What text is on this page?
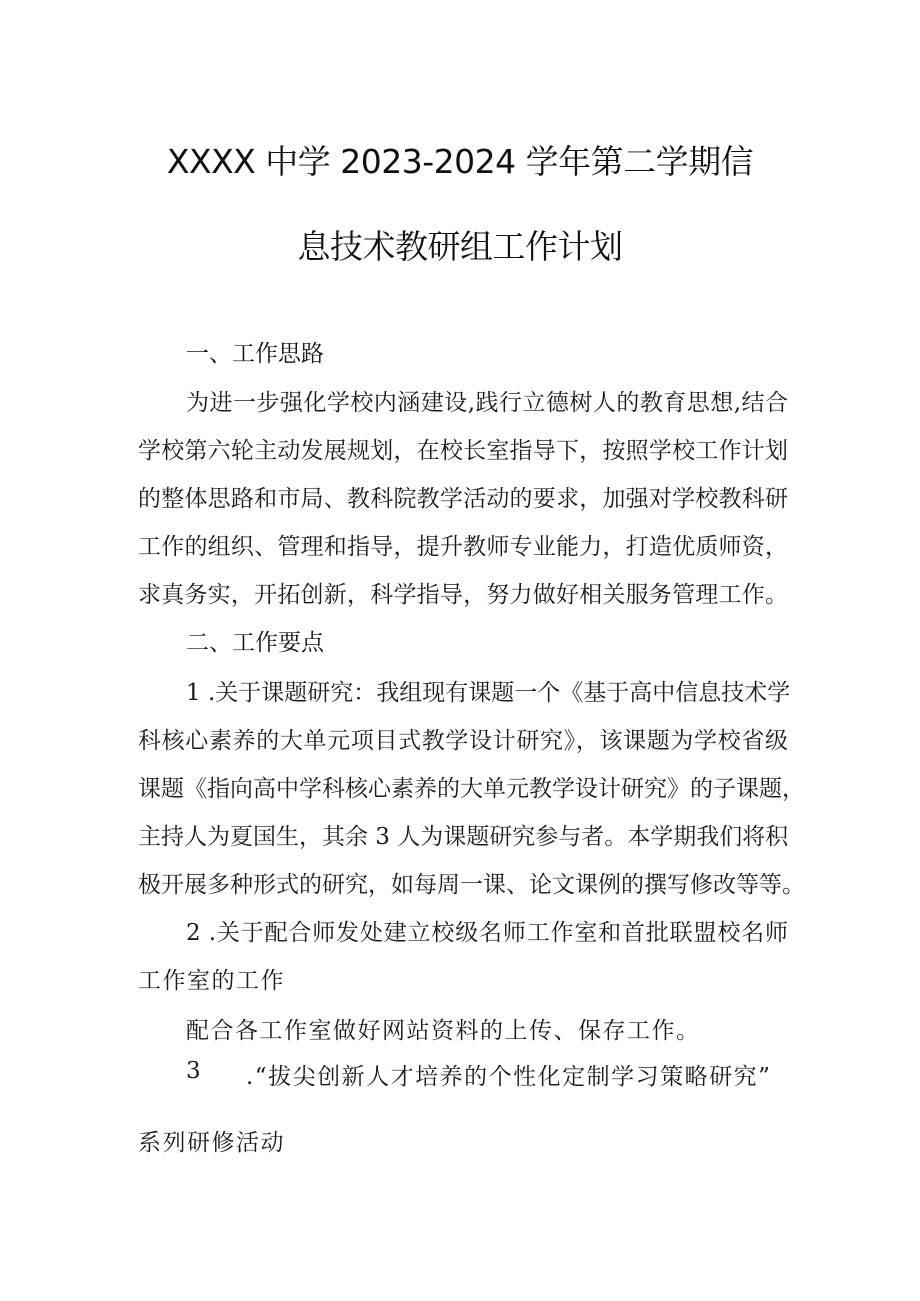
XXXX 中学 2023-2024 学年第二学期信
息技术教研组工作计划
一、工作思路
为进一步强化学校内涵建设,践行立德树人的教育思想,结合
学校第六轮主动发展规划，在校长室指导下，按照学校工作计划
的整体思路和市局、教科院教学活动的要求，加强对学校教科研
工作的组织、管理和指导，提升教师专业能力，打造优质师资，
求真务实，开拓创新，科学指导，努力做好相关服务管理工作。
二、工作要点
1 .关于课题研究：我组现有课题一个《基于高中信息技术学
科核心素养的大单元项目式教学设计研究》，该课题为学校省级
课题《指向高中学科核心素养的大单元教学设计研究》的子课题，
主持人为夏国生，其余 3 人为课题研究参与者。本学期我们将积
极开展多种形式的研究，如每周一课、论文课例的撰写修改等等。
2 .关于配合师发处建立校级名师工作室和首批联盟校名师
工作室的工作
配合各工作室做好网站资料的上传、保存工作。
3 .“拔尖创新人才培养的个性化定制学习策略研究”
系列研修活动
